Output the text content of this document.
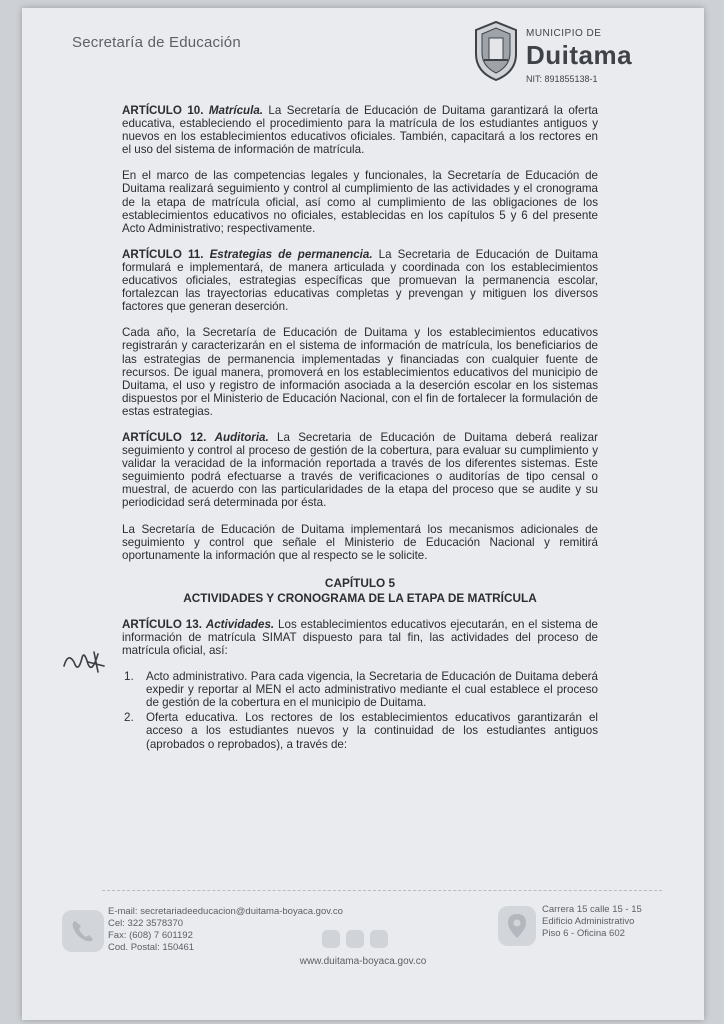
Secretaría de Educación
MUNICIPIO DE
Duitama
NIT: 891855138-1

ARTÍCULO 10. Matrícula. La Secretaría de Educación de Duitama garantizará la oferta educativa, estableciendo el procedimiento para la matrícula de los estudiantes antiguos y nuevos en los establecimientos educativos oficiales. También, capacitará a los rectores en el uso del sistema de información de matrícula.

En el marco de las competencias legales y funcionales, la Secretaría de Educación de Duitama realizará seguimiento y control al cumplimiento de las actividades y el cronograma de la etapa de matrícula oficial, así como al cumplimiento de las obligaciones de los establecimientos educativos no oficiales, establecidas en los capítulos 5 y 6 del presente Acto Administrativo; respectivamente.

ARTÍCULO 11. Estrategias de permanencia. La Secretaria de Educación de Duitama formulará e implementará, de manera articulada y coordinada con los establecimientos educativos oficiales, estrategias específicas que promuevan la permanencia escolar, fortalezcan las trayectorias educativas completas y prevengan y mitiguen los diversos factores que generan deserción.

Cada año, la Secretaría de Educación de Duitama y los establecimientos educativos registrarán y caracterizarán en el sistema de información de matrícula, los beneficiarios de las estrategias de permanencia implementadas y financiadas con cualquier fuente de recursos. De igual manera, promoverá en los establecimientos educativos del municipio de Duitama, el uso y registro de información asociada a la deserción escolar en los sistemas dispuestos por el Ministerio de Educación Nacional, con el fin de fortalecer la formulación de estas estrategias.

ARTÍCULO 12. Auditoria. La Secretaria de Educación de Duitama deberá realizar seguimiento y control al proceso de gestión de la cobertura, para evaluar su cumplimiento y validar la veracidad de la información reportada a través de los diferentes sistemas. Este seguimiento podrá efectuarse a través de verificaciones o auditorías de tipo censal o muestral, de acuerdo con las particularidades de la etapa del proceso que se audite y su periodicidad será determinada por ésta.

La Secretaría de Educación de Duitama implementará los mecanismos adicionales de seguimiento y control que señale el Ministerio de Educación Nacional y remitirá oportunamente la información que al respecto se le solicite.

CAPÍTULO 5
ACTIVIDADES Y CRONOGRAMA DE LA ETAPA DE MATRÍCULA

ARTÍCULO 13. Actividades. Los establecimientos educativos ejecutarán, en el sistema de información de matrícula SIMAT dispuesto para tal fin, las actividades del proceso de matrícula oficial, así:

1.	Acto administrativo. Para cada vigencia, la Secretaria de Educación de Duitama deberá expedir y reportar al MEN el acto administrativo mediante el cual establece el proceso de gestión de la cobertura en el municipio de Duitama.
2.	Oferta educativa. Los rectores de los establecimientos educativos garantizarán el acceso a los estudiantes nuevos y la continuidad de los estudiantes antiguos (aprobados o reprobados), a través de:
E-mail: secretariadeeducacion@duitama-boyaca.gov.co
Cel: 322 3578370
Fax: (608) 7 601192
Cod. Postal: 150461
Carrera 15 calle 15 - 15
Edificio Administrativo
Piso 6 - Oficina 602
www.duitama-boyaca.gov.co
